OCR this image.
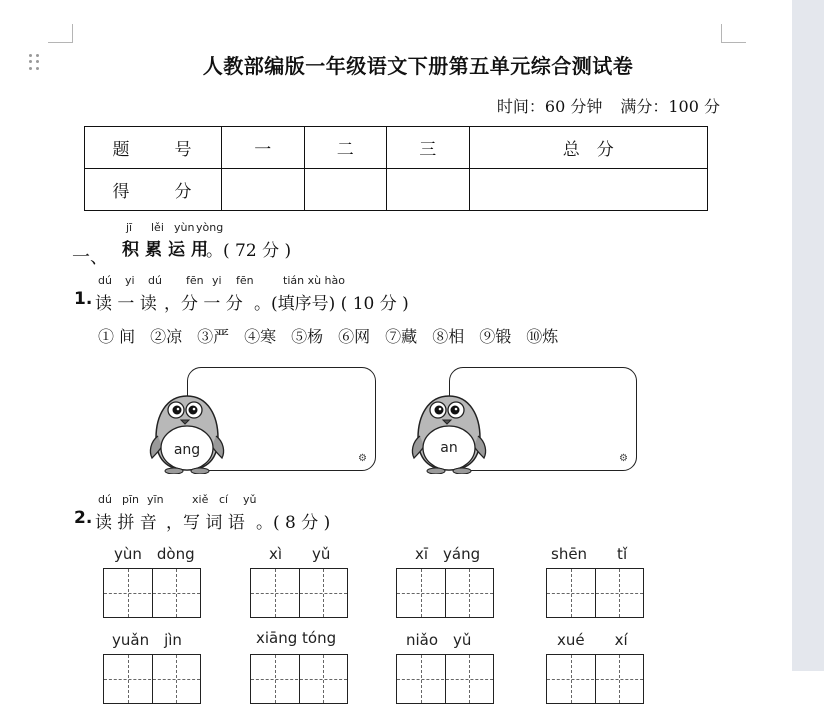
人教部编版一年级语文下册第五单元综合测试卷
时间：60 分钟 满分：100 分
题　号	一	二	三	总　分
得　分				
jī lěi yùn yòng
一、 积累运用
。( 72 分 )
dú yi dú fēn yi fēn	tián xù hào
1. 读 一 读 ，分 一 分 。(填序号) ( 10 分 )
① 间 ②凉 ③严 ④寒 ⑤杨 ⑥网 ⑦藏 ⑧相 ⑨锻 ⑩炼
⚙	⚙
ang	an
dú pīn yīn	xiě cí yǔ
2. 读 拼 音 ，写 词 语 。( 8 分 )
yùn　dòng	xì　　yǔ	xī　yáng	shēn　　tǐ
yuǎn　jìn	xiāng tóng	niǎo　yǔ	xué　　xí
